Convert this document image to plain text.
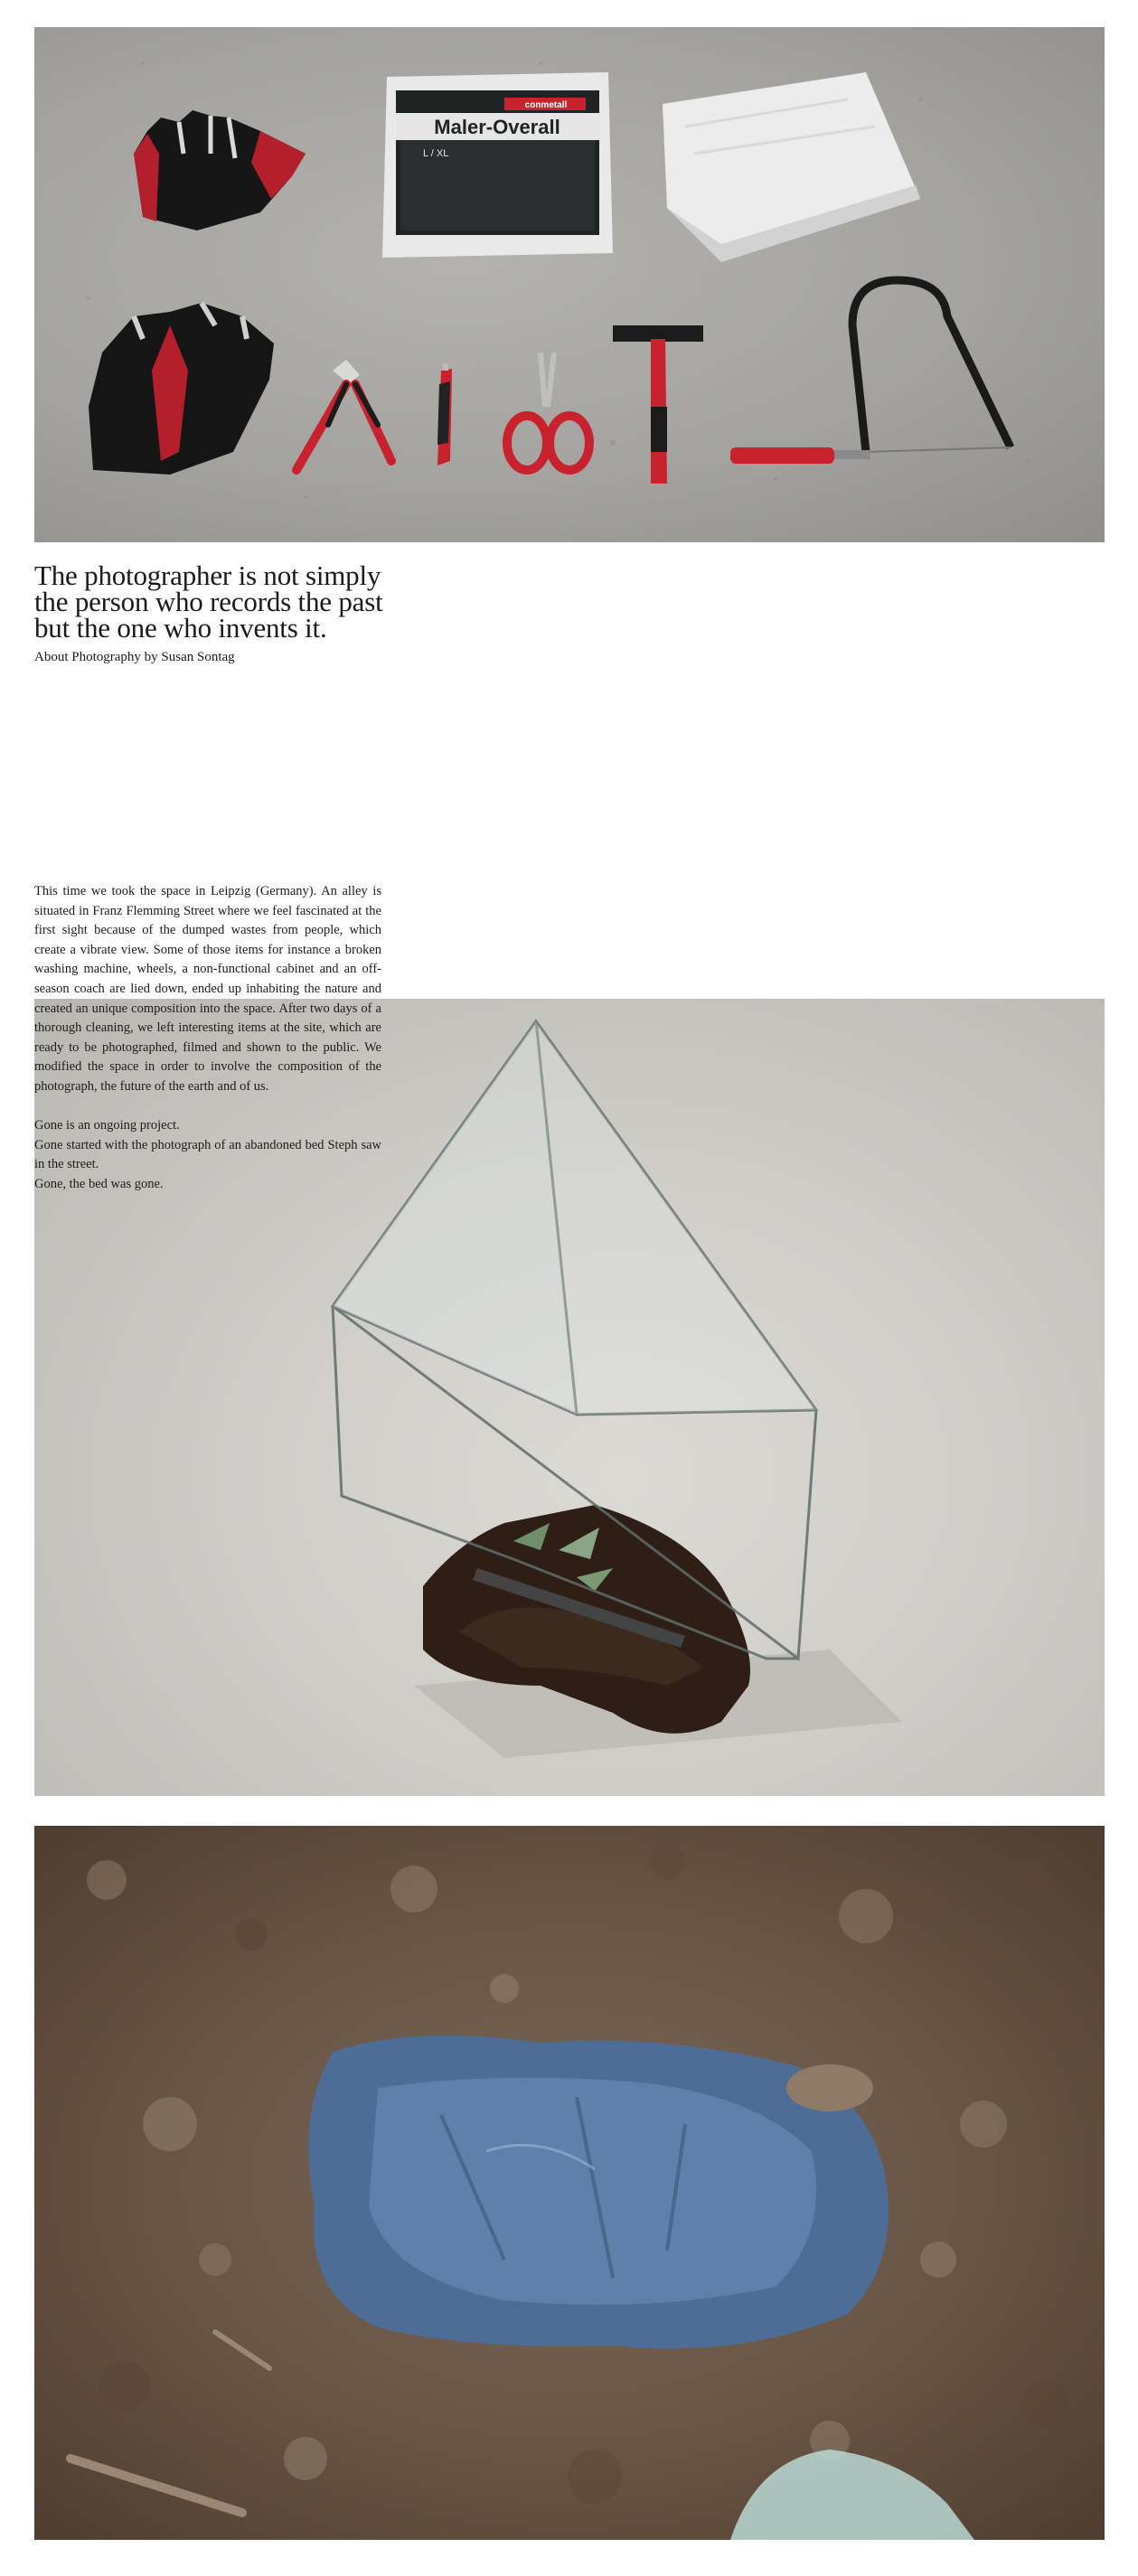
conmetall
Maler-Overall
L / XL
The photographer is not simply the person who records the past but the one who invents it.
About Photography by Susan Sontag

This time we took the space in Leipzig (Germany). An alley is situated in Franz Flemming Street where we feel fascinated at the first sight because of the dumped wastes from people, which create a vibrate view. Some of those items for instance a broken washing machine, wheels, a non-functional cabinet and an off-season coach are lied down, ended up inhabiting the nature and created an unique composition into the space. After two days of a thorough cleaning, we left interesting items at the site, which are ready to be photographed, filmed and shown to the public. We modified the space in order to involve the composition of the photograph, the future of the earth and of us.

Gone is an ongoing project.

Gone started with the photograph of an abandoned bed Steph saw in the street.

Gone, the bed was gone.
